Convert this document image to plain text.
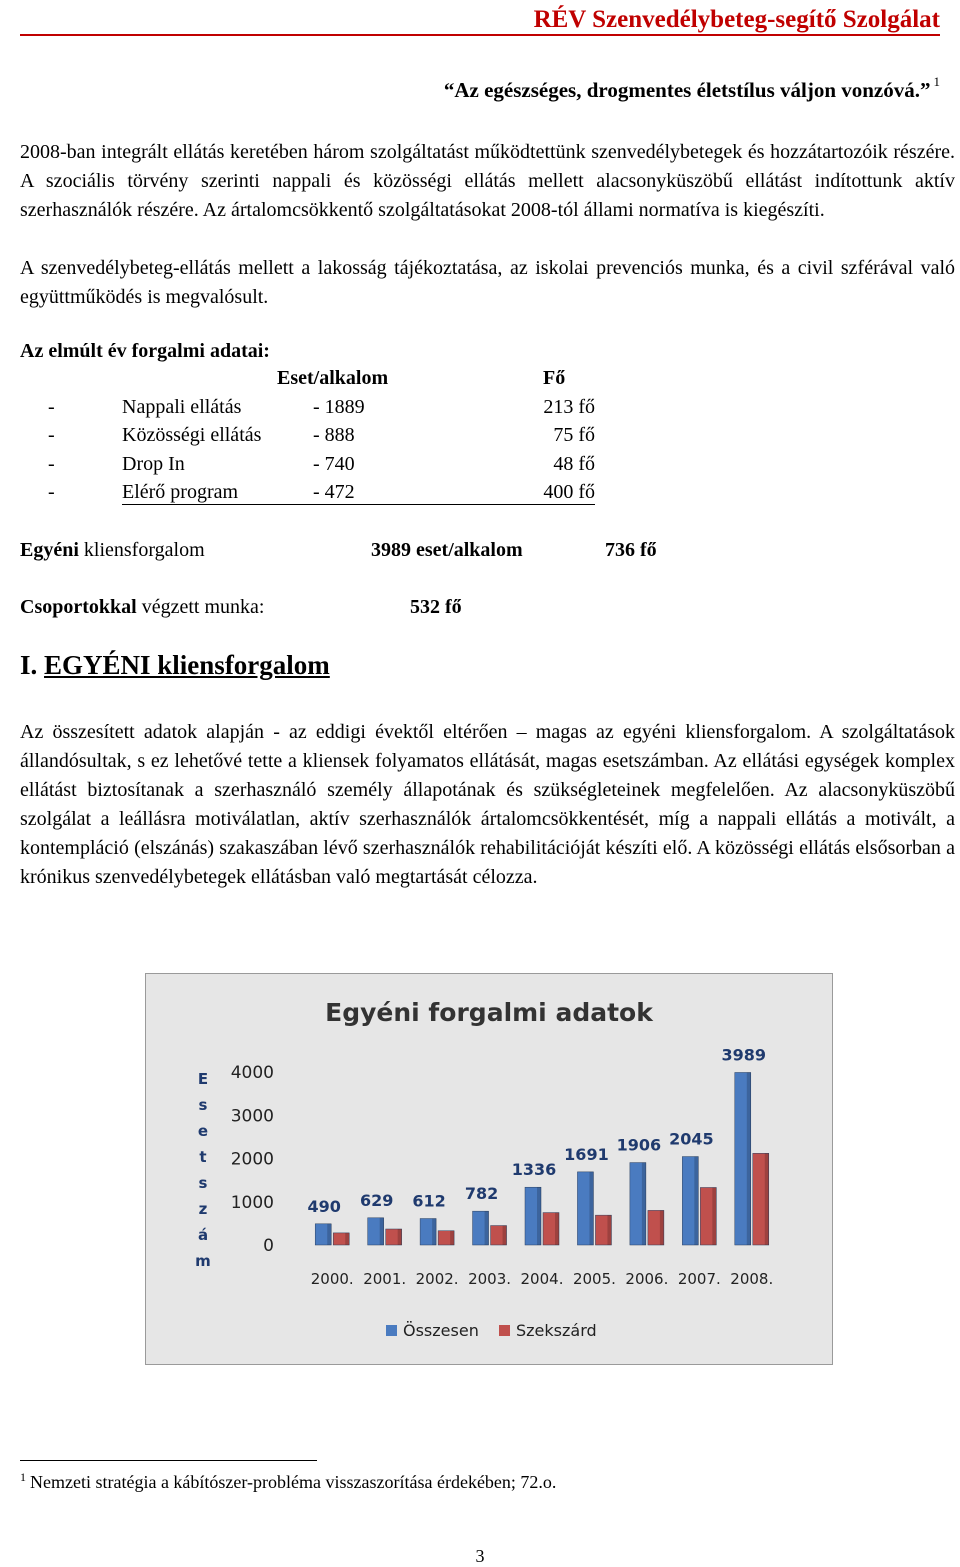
RÉV Szenvedélybeteg-segítő Szolgálat
“Az egészséges, drogmentes életstílus váljon vonzóvá.” $^1$
2008-ban integrált ellátás keretében három szolgáltatást működtettünk szenvedélybetegek és hozzátartozóik részére. A szociális törvény szerinti nappali és közösségi ellátás mellett alacsonyküszöbű ellátást indítottunk aktív szerhasználók részére. Az ártalomcsökkentő szolgáltatásokat 2008-tól állami normatíva is kiegészíti.
A szenvedélybeteg-ellátás mellett a lakosság tájékoztatása, az iskolai prevenciós munka, és a civil szférával való együttműködés is megvalósult.
Az elmúlt év forgalmi adatai:
Eset/alkalom	Fő
-	Nappali ellátás	- 1889	213 fő
-	Közösségi ellátás	- 888	75 fő
-	Drop In	- 740	48 fő
-	Elérő program	- 472	400 fő
Egyéni kliensforgalom	3989 eset/alkalom	736 fő
Csoportokkal végzett munka:	532 fő
I. EGYÉNI kliensforgalom
Az összesített adatok alapján - az eddigi évektől eltérően – magas az egyéni kliensforgalom. A szolgáltatások állandósultak, s ez lehetővé tette a kliensek folyamatos ellátását, magas esetszámban. Az ellátási egységek komplex ellátást biztosítanak a szerhasználó személy állapotának és szükségleteinek megfelelően. Az alacsonyküszöbű szolgálat a leállásra motiválatlan, aktív szerhasználók ártalomcsökkentését, míg a nappali ellátás a motivált, a kontempláció (elszánás) szakaszában lévő szerhasználók rehabilitációját készíti elő. A közösségi ellátás elsősorban a krónikus szenvedélybetegek ellátásban való megtartását célozza.
Egyéni forgalmi adatok
E
s
e
t
s
z
á
m
0
1000
2000
3000
4000
490 629 612 782
1336
1691 1906 2045
3989
2000. 2001. 2002. 2003. 2004. 2005. 2006. 2007. 2008.
Összesen Szekszárd
$^1$ Nemzeti stratégia a kábítószer-probléma visszaszorítása érdekében; 72.o.
3
